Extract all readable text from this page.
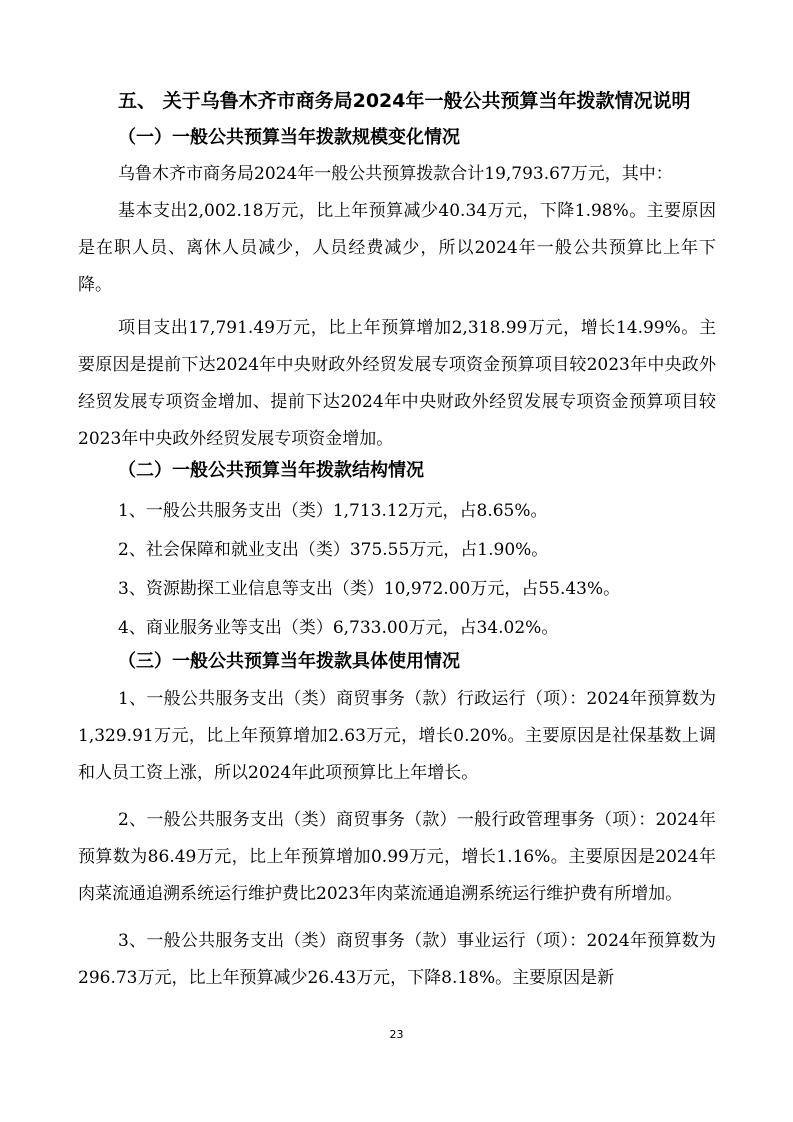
五、 关于乌鲁木齐市商务局2024年一般公共预算当年拨款情况说明
（一）一般公共预算当年拨款规模变化情况

乌鲁木齐市商务局2024年一般公共预算拨款合计19,793.67万元，其中：

基本支出2,002.18万元，比上年预算减少40.34万元，下降1.98%。主要原因是在职人员、离休人员减少，人员经费减少，所以2024年一般公共预算比上年下降。

项目支出17,791.49万元，比上年预算增加2,318.99万元，增长14.99%。主要原因是提前下达2024年中央财政外经贸发展专项资金预算项目较2023年中央政外经贸发展专项资金增加、提前下达2024年中央财政外经贸发展专项资金预算项目较2023年中央政外经贸发展专项资金增加。

（二）一般公共预算当年拨款结构情况
1、一般公共服务支出（类）1,713.12万元，占8.65%。
2、社会保障和就业支出（类）375.55万元，占1.90%。
3、资源勘探工业信息等支出（类）10,972.00万元，占55.43%。
4、商业服务业等支出（类）6,733.00万元，占34.02%。
（三）一般公共预算当年拨款具体使用情况

1、一般公共服务支出（类）商贸事务（款）行政运行（项）：2024年预算数为1,329.91万元，比上年预算增加2.63万元，增长0.20%。主要原因是社保基数上调和人员工资上涨，所以2024年此项预算比上年增长。

2、一般公共服务支出（类）商贸事务（款）一般行政管理事务（项）：2024年预算数为86.49万元，比上年预算增加0.99万元，增长1.16%。主要原因是2024年肉菜流通追溯系统运行维护费比2023年肉菜流通追溯系统运行维护费有所增加。

3、一般公共服务支出（类）商贸事务（款）事业运行（项）：2024年预算数为296.73万元，比上年预算减少26.43万元，下降8.18%。主要原因是新

23
